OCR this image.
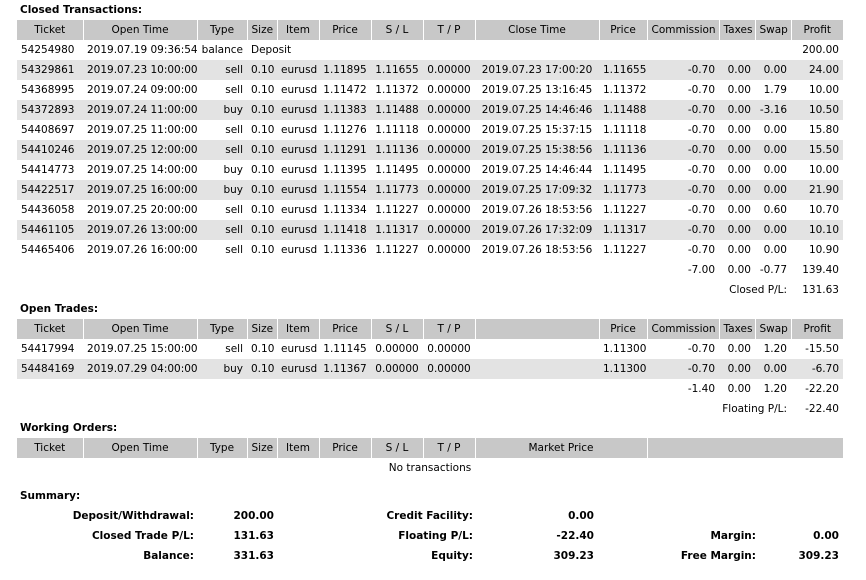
Closed Transactions:
Ticket	Open Time	Type	Size	Item	Price	S / L	T / P	Close Time	Price	Commission	Taxes	Swap	Profit
54254980	2019.07.19 09:36:54	balance	Deposit										200.00
54329861	2019.07.23 10:00:00	sell	0.10	eurusd	1.11895	1.11655	0.00000	2019.07.23 17:00:20	1.11655	-0.70	0.00	0.00	24.00
54368995	2019.07.24 09:00:00	sell	0.10	eurusd	1.11472	1.11372	0.00000	2019.07.25 13:16:45	1.11372	-0.70	0.00	1.79	10.00
54372893	2019.07.24 11:00:00	buy	0.10	eurusd	1.11383	1.11488	0.00000	2019.07.25 14:46:46	1.11488	-0.70	0.00	-3.16	10.50
54408697	2019.07.25 11:00:00	sell	0.10	eurusd	1.11276	1.11118	0.00000	2019.07.25 15:37:15	1.11118	-0.70	0.00	0.00	15.80
54410246	2019.07.25 12:00:00	sell	0.10	eurusd	1.11291	1.11136	0.00000	2019.07.25 15:38:56	1.11136	-0.70	0.00	0.00	15.50
54414773	2019.07.25 14:00:00	buy	0.10	eurusd	1.11395	1.11495	0.00000	2019.07.25 14:46:44	1.11495	-0.70	0.00	0.00	10.00
54422517	2019.07.25 16:00:00	buy	0.10	eurusd	1.11554	1.11773	0.00000	2019.07.25 17:09:32	1.11773	-0.70	0.00	0.00	21.90
54436058	2019.07.25 20:00:00	sell	0.10	eurusd	1.11334	1.11227	0.00000	2019.07.26 18:53:56	1.11227	-0.70	0.00	0.60	10.70
54461105	2019.07.26 13:00:00	sell	0.10	eurusd	1.11418	1.11317	0.00000	2019.07.26 17:32:09	1.11317	-0.70	0.00	0.00	10.10
54465406	2019.07.26 16:00:00	sell	0.10	eurusd	1.11336	1.11227	0.00000	2019.07.26 18:53:56	1.11227	-0.70	0.00	0.00	10.90
										-7.00	0.00	-0.77	139.40
										Closed P/L:			131.63
Open Trades:
Ticket	Open Time	Type	Size	Item	Price	S / L	T / P		Price	Commission	Taxes	Swap	Profit
54417994	2019.07.25 15:00:00	sell	0.10	eurusd	1.11145	0.00000	0.00000		1.11300	-0.70	0.00	1.20	-15.50
54484169	2019.07.29 04:00:00	buy	0.10	eurusd	1.11367	0.00000	0.00000		1.11300	-0.70	0.00	0.00	-6.70
										-1.40	0.00	1.20	-22.20
										Floating P/L:			-22.40
Working Orders:
Ticket	Open Time	Type	Size	Item	Price	S / L	T / P	Market Price	
No transactions
Summary:
Deposit/Withdrawal:	200.00	Credit Facility:	0.00
Closed Trade P/L:	131.63	Floating P/L:	-22.40	Margin:	0.00
Balance:	331.63	Equity:	309.23	Free Margin:	309.23
